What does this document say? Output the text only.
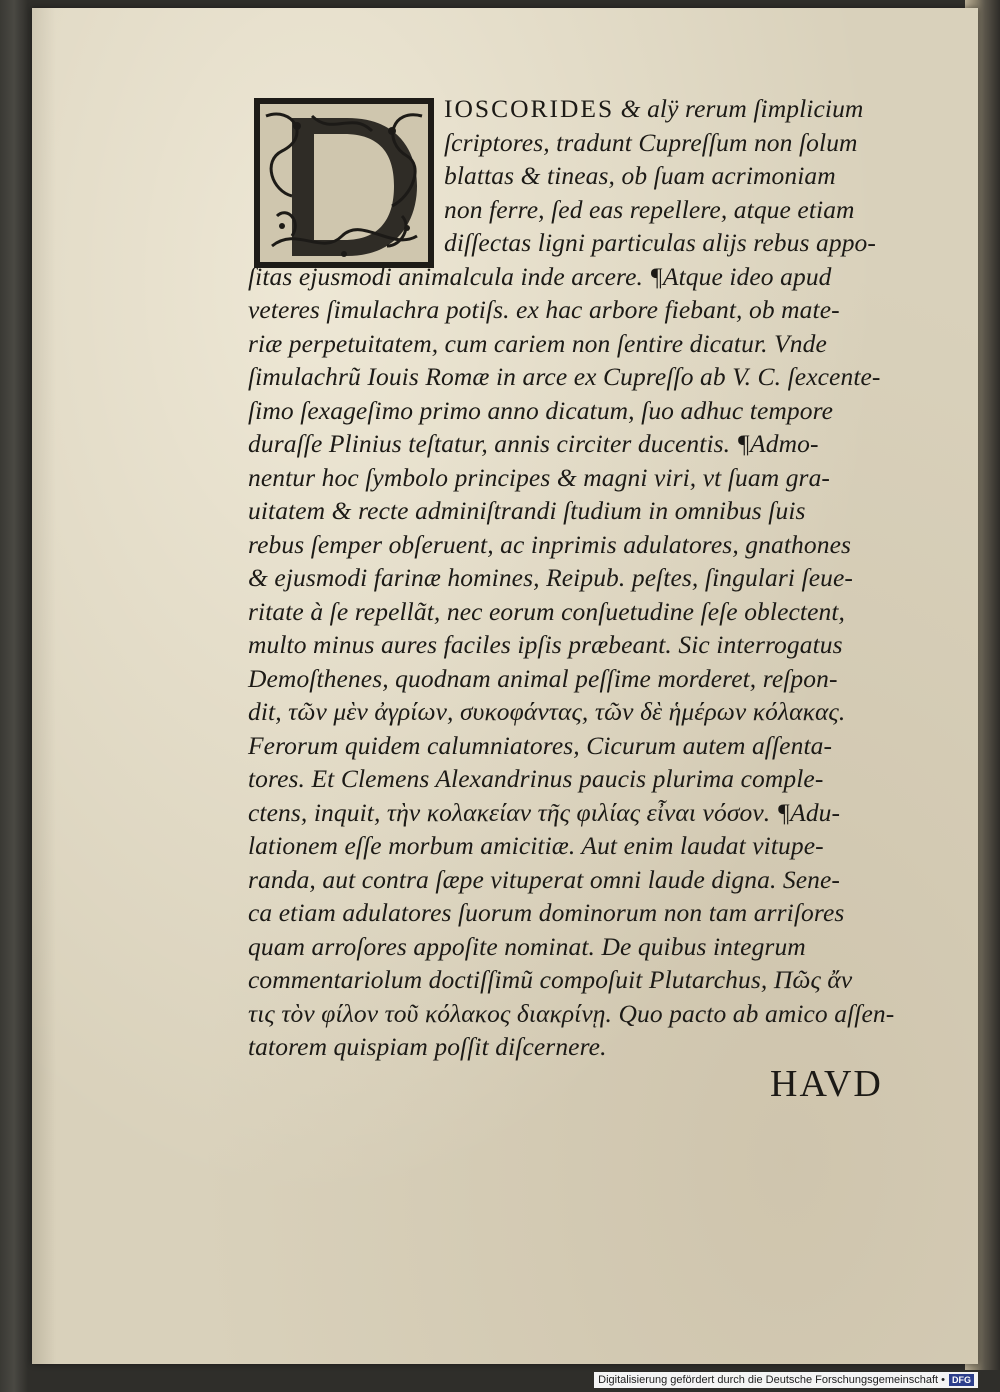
IOSCORIDES & alÿ rerum ſimplicium
ſcriptores, tradunt Cupreſſum non ſolum
blattas & tineas, ob ſuam acrimoniam
non ferre, ſed eas repellere, atque etiam
diſſectas ligni particulas alijs rebus appo-
ſitas ejusmodi animalcula inde arcere. ¶Atque ideo apud
veteres ſimulachra potiſs. ex hac arbore fiebant, ob mate-
riæ perpetuitatem, cum cariem non ſentire dicatur. Vnde
ſimulachrũ Iouis Romæ in arce ex Cupreſſo ab V. C. ſexcente-
ſimo ſexageſimo primo anno dicatum, ſuo adhuc tempore
duraſſe Plinius teſtatur, annis circiter ducentis. ¶Admo-
nentur hoc ſymbolo principes & magni viri, vt ſuam gra-
uitatem & recte adminiſtrandi ſtudium in omnibus ſuis
rebus ſemper obſeruent, ac inprimis adulatores, gnathones
& ejusmodi farinæ homines, Reipub. peſtes, ſingulari ſeue-
ritate à ſe repellãt, nec eorum conſuetudine ſeſe oblectent,
multo minus aures faciles ipſis præbeant. Sic interrogatus
Demoſthenes, quodnam animal peſſime morderet, reſpon-
dit, τῶν μὲν ἀγρίων, συκοφάντας, τῶν δὲ ἡμέρων κόλακας.
Ferorum quidem calumniatores, Cicurum autem aſſenta-
tores. Et Clemens Alexandrinus paucis plurima comple-
ctens, inquit, τὴν κολακείαν τῆς φιλίας εἶναι νόσον. ¶Adu-
lationem eſſe morbum amicitiæ. Aut enim laudat vitupe-
randa, aut contra ſæpe vituperat omni laude digna. Sene-
ca etiam adulatores ſuorum dominorum non tam arriſores
quam arroſores appoſite nominat. De quibus integrum
commentariolum doctiſſimũ compoſuit Plutarchus, Πῶς ἄν
τις τὸν φίλον τοῦ κόλακος διακρίνῃ. Quo pacto ab amico aſſen-
tatorem quispiam poſſit diſcernere.
HAVD
Digitalisierung gefördert durch die Deutsche Forschungsgemeinschaft • DFG
